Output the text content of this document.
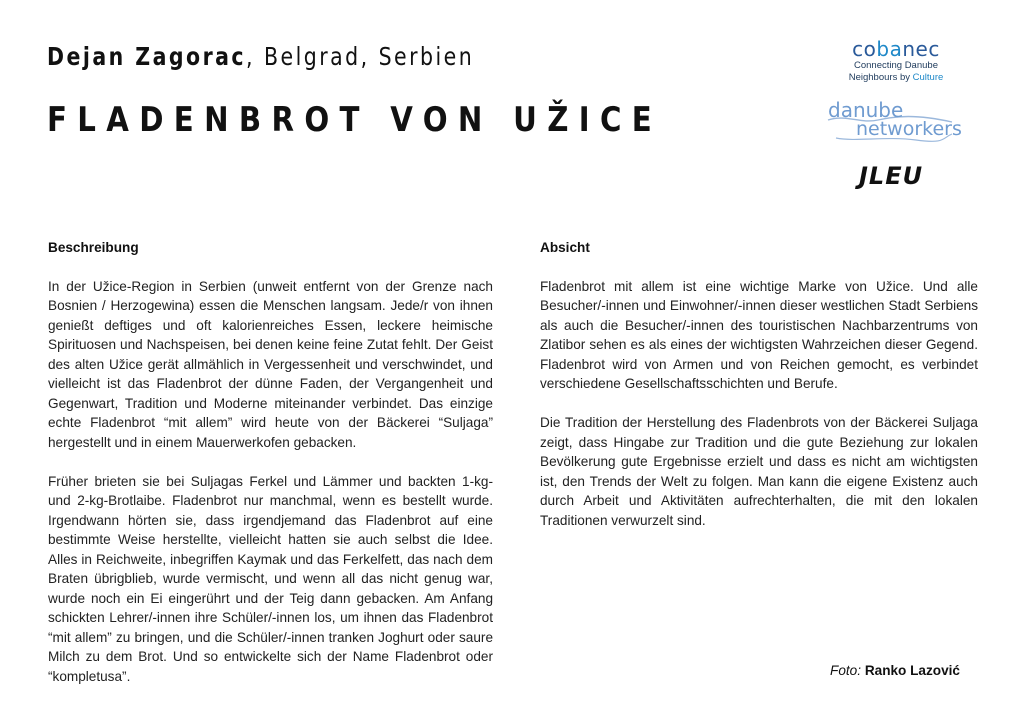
Dejan Zagorac, Belgrad, Serbien
FLADENBROT VON UŽICE
cobanec
Connecting Danube
Neighbours by Culture
danube
networkers
JLEU
Beschreibung

In der Užice-Region in Serbien (unweit entfernt von der Grenze nach Bosnien / Herzogewina) essen die Menschen langsam. Jede/r von ihnen genießt deftiges und oft kalorienreiches Essen, leckere heimische Spirituosen und Nachspeisen, bei denen keine feine Zutat fehlt. Der Geist des alten Užice gerät allmählich in Vergessenheit und verschwindet, und vielleicht ist das Fladenbrot der dünne Faden, der Vergangenheit und Gegenwart, Tradition und Moderne miteinander verbindet. Das einzige echte Fladenbrot “mit allem” wird heute von der Bäckerei “Suljaga” hergestellt und in einem Mauerwerkofen gebacken.

Früher brieten sie bei Suljagas Ferkel und Lämmer und backten 1-kg- und 2-kg-Brotlaibe. Fladenbrot nur manchmal, wenn es bestellt wurde. Irgendwann hörten sie, dass irgendjemand das Fladenbrot auf eine bestimmte Weise herstellte, vielleicht hatten sie auch selbst die Idee. Alles in Reichweite, inbegriffen Kaymak und das Ferkelfett, das nach dem Braten übrigblieb, wurde vermischt, und wenn all das nicht genug war, wurde noch ein Ei eingerührt und der Teig dann gebacken. Am Anfang schickten Lehrer/-innen ihre Schüler/-innen los, um ihnen das Fladenbrot “mit allem” zu bringen, und die Schüler/-innen tranken Joghurt oder saure Milch zu dem Brot. Und so entwickelte sich der Name Fladenbrot oder “kompletusa”.

Absicht

Fladenbrot mit allem ist eine wichtige Marke von Užice. Und alle Besucher/-innen und Einwohner/-innen dieser westlichen Stadt Serbiens als auch die Besucher/-innen des touristischen Nachbarzentrums von Zlatibor sehen es als eines der wichtigsten Wahrzeichen dieser Gegend. Fladenbrot wird von Armen und von Reichen gemocht, es verbindet verschiedene Gesellschaftsschichten und Berufe.

Die Tradition der Herstellung des Fladenbrots von der Bäckerei Suljaga zeigt, dass Hingabe zur Tradition und die gute Beziehung zur lokalen Bevölkerung gute Ergebnisse erzielt und dass es nicht am wichtigsten ist, den Trends der Welt zu folgen. Man kann die eigene Existenz auch durch Arbeit und Aktivitäten aufrechterhalten, die mit den lokalen Traditionen verwurzelt sind.

Foto: Ranko Lazović
